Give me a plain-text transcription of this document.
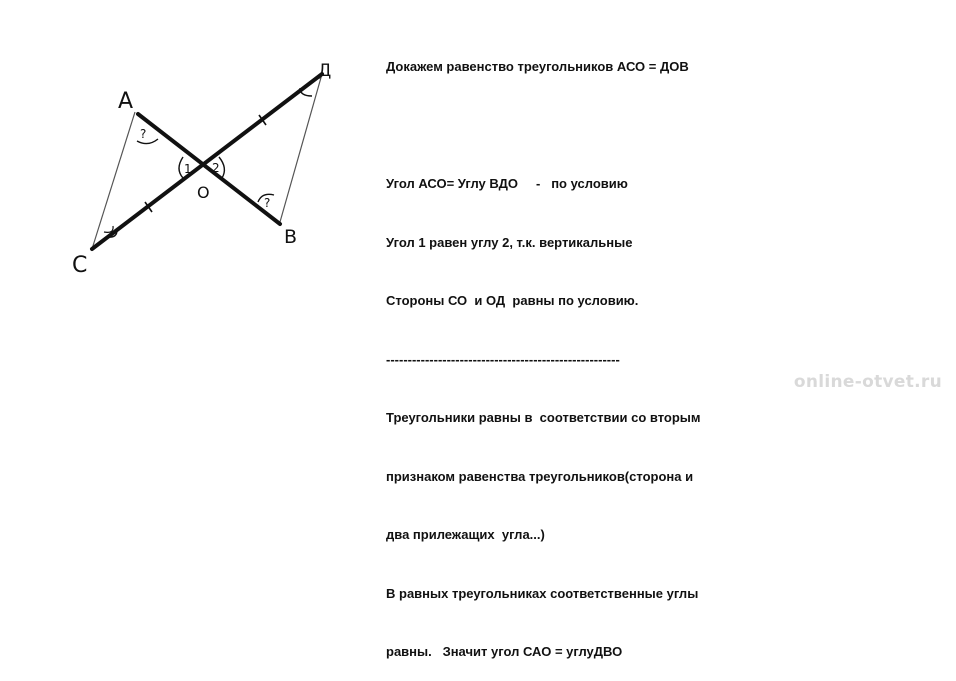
A
C
O
B
Д
1 2
?
?

Докажем равенство треугольников АСО = ДОВ

Угол АСО= Углу ВДО     -   по условию

Угол 1 равен углу 2, т.к. вертикальные

Стороны СО  и ОД  равны по условию.

------------------------------------------------------

Треугольники равны в  соответствии со вторым

признаком равенства треугольников(сторона и

два прилежащих  угла...)

В равных треугольниках соответственные углы

равны.   Значит угол САО = углуДВО

online-otvet.ru
